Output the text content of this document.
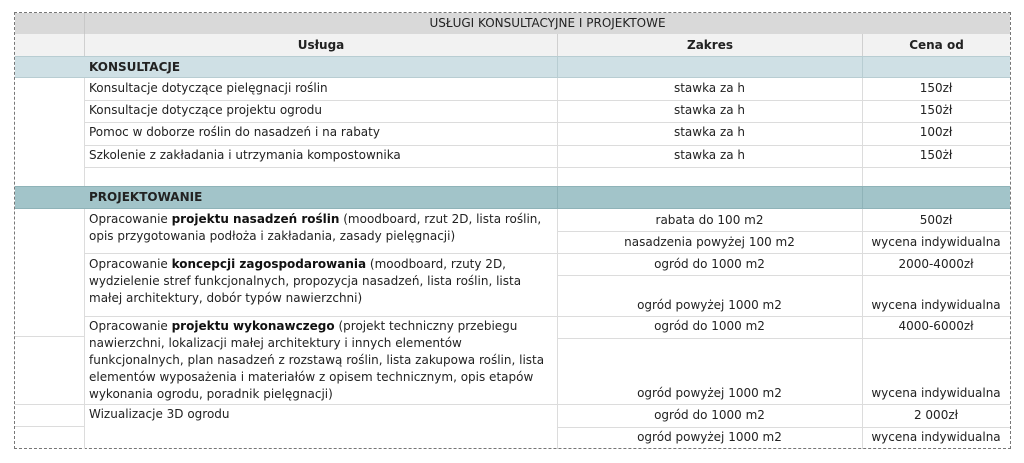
USŁUGI KONSULTACYJNE I PROJEKTOWE
Usługa	Zakres	Cena od
KONSULTACJE
Konsultacje dotyczące pielęgnacji roślin	stawka za h	150zł
Konsultacje dotyczące projektu ogrodu	stawka za h	150żł
Pomoc w doborze roślin do nasadzeń i na rabaty	stawka za h	100zł
Szkolenie z zakładania i utrzymania kompostownika	stawka za h	150żł
PROJEKTOWANIE
Opracowanie projektu nasadzeń roślin (moodboard, rzut 2D, lista roślin, opis przygotowania podłoża i zakładania, zasady pielęgnacji)
rabata do 100 m2	500zł
nasadzenia powyżej 100 m2	wycena indywidualna
Opracowanie koncepcji zagospodarowania (moodboard, rzuty 2D, wydzielenie stref funkcjonalnych, propozycja nasadzeń, lista roślin, lista małej architektury, dobór typów nawierzchni)
ogród do 1000 m2	2000-4000zł
ogród powyżej 1000 m2	wycena indywidualna
Opracowanie projektu wykonawczego (projekt techniczny przebiegu nawierzchni, lokalizacji małej architektury i innych elementów funkcjonalnych, plan nasadzeń z rozstawą roślin, lista zakupowa roślin, lista elementów wyposażenia i materiałów z opisem technicznym, opis etapów wykonania ogrodu, poradnik pielęgnacji)
ogród do 1000 m2	4000-6000zł
ogród powyżej 1000 m2	wycena indywidualna
Wizualizacje 3D ogrodu	ogród do 1000 m2	2 000zł
ogród powyżej 1000 m2	wycena indywidualna
